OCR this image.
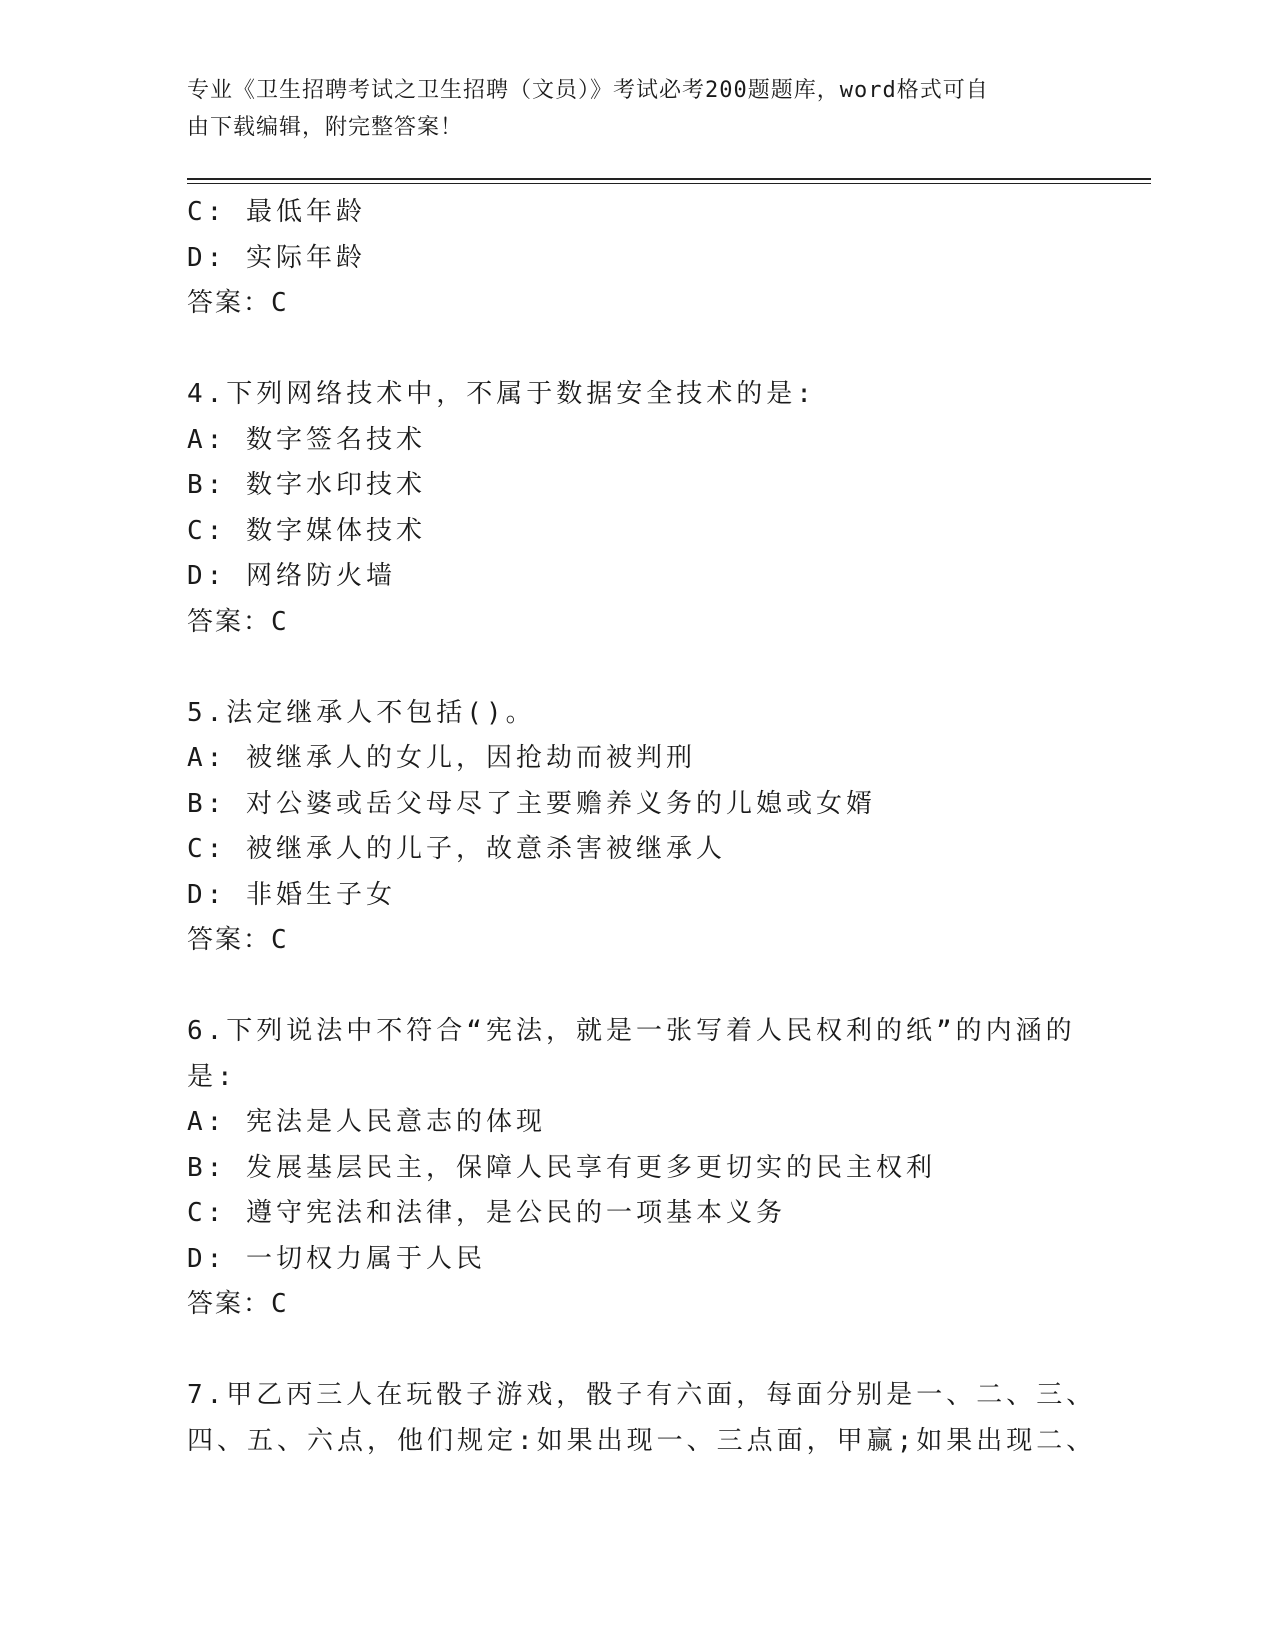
专业《卫生招聘考试之卫生招聘（文员）》考试必考200题题库，word格式可自
由下载编辑，附完整答案！
C: 最低年龄
D: 实际年龄
答案：C
4.下列网络技术中，不属于数据安全技术的是:
A: 数字签名技术
B: 数字水印技术
C: 数字媒体技术
D: 网络防火墙
答案：C
5.法定继承人不包括()。
A: 被继承人的女儿，因抢劫而被判刑
B: 对公婆或岳父母尽了主要赡养义务的儿媳或女婿
C: 被继承人的儿子，故意杀害被继承人
D: 非婚生子女
答案：C
6.下列说法中不符合“宪法，就是一张写着人民权利的纸”的内涵的
是:
A: 宪法是人民意志的体现
B: 发展基层民主，保障人民享有更多更切实的民主权利
C: 遵守宪法和法律，是公民的一项基本义务
D: 一切权力属于人民
答案：C
7.甲乙丙三人在玩骰子游戏，骰子有六面，每面分别是一、二、三、
四、五、六点，他们规定:如果出现一、三点面，甲赢;如果出现二、
